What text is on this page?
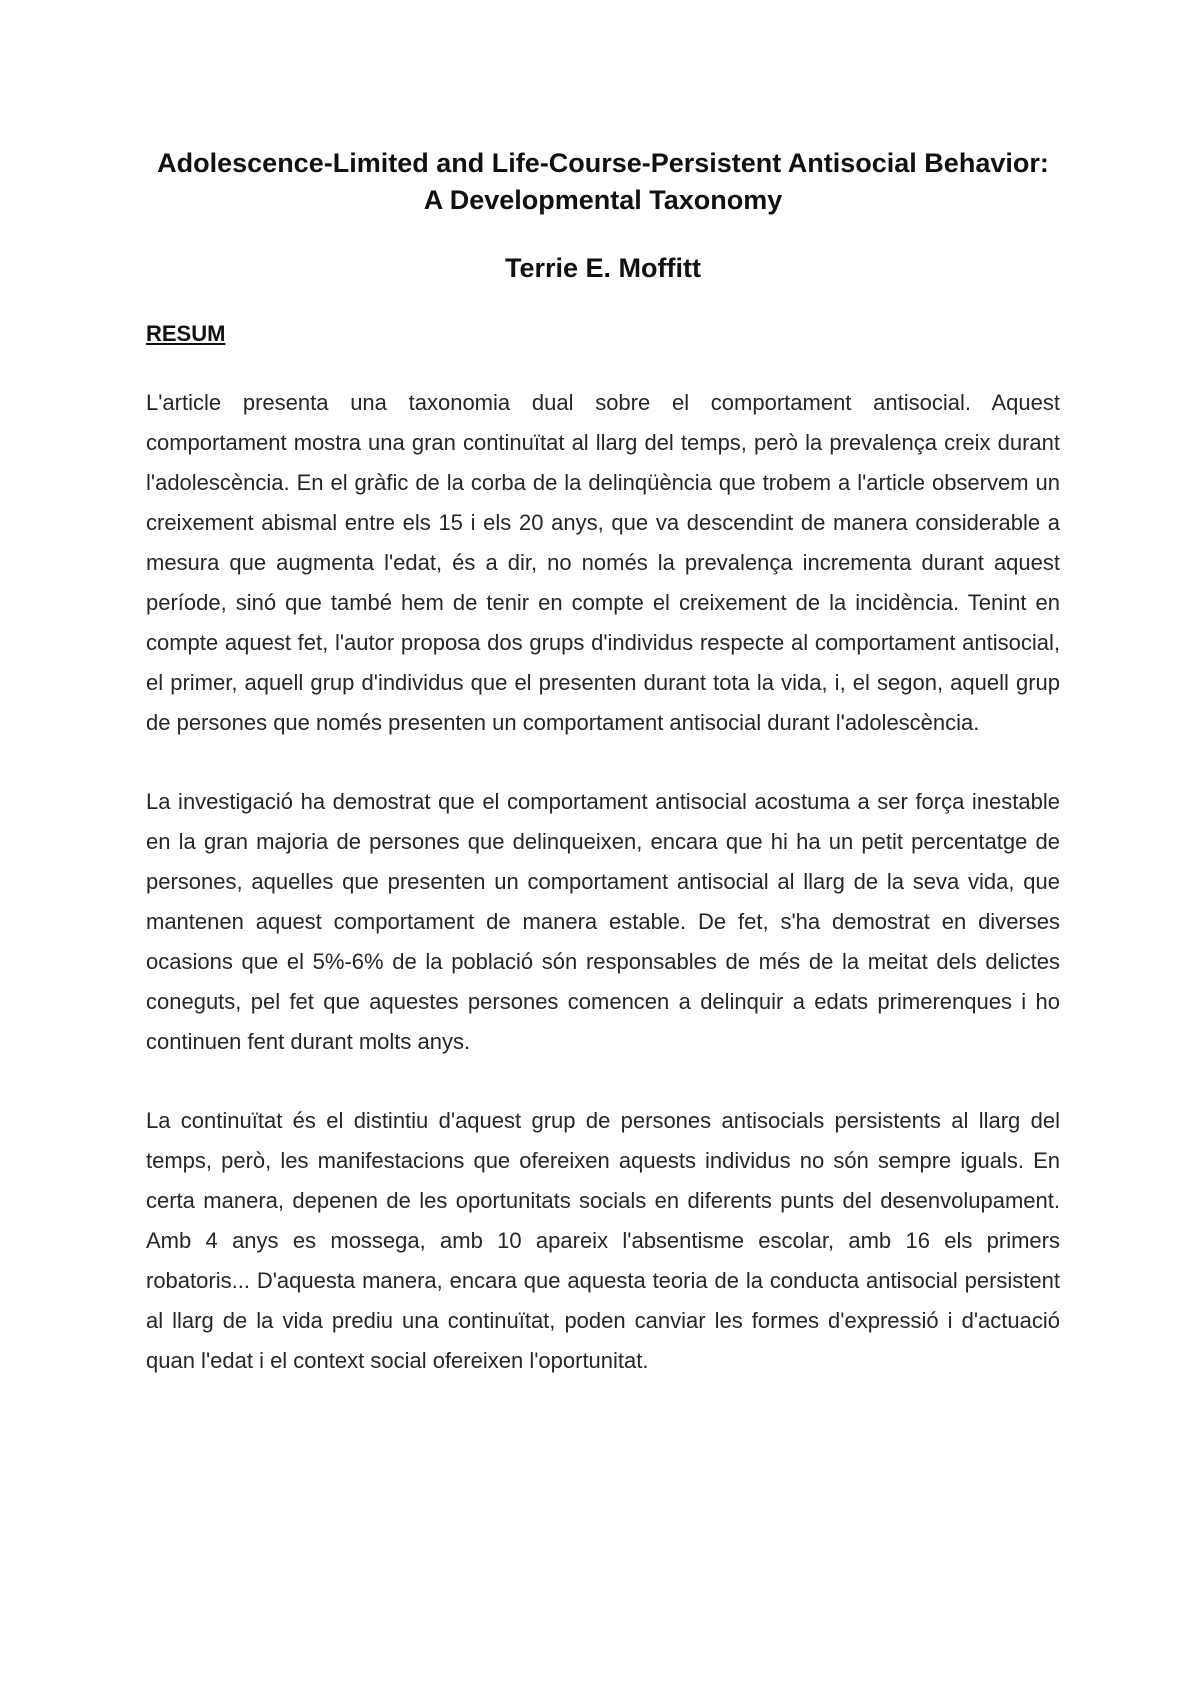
Adolescence-Limited and Life-Course-Persistent Antisocial Behavior: A Developmental Taxonomy
Terrie E. Moffitt
RESUM

L'article presenta una taxonomia dual sobre el comportament antisocial. Aquest comportament mostra una gran continuïtat al llarg del temps, però la prevalença creix durant l'adolescència. En el gràfic de la corba de la delinqüència que trobem a l'article observem un creixement abismal entre els 15 i els 20 anys, que va descendint de manera considerable a mesura que augmenta l'edat, és a dir, no només la prevalença incrementa durant aquest període, sinó que també hem de tenir en compte el creixement de la incidència. Tenint en compte aquest fet, l'autor proposa dos grups d'individus respecte al comportament antisocial, el primer, aquell grup d'individus que el presenten durant tota la vida, i, el segon, aquell grup de persones que només presenten un comportament antisocial durant l'adolescència.

La investigació ha demostrat que el comportament antisocial acostuma a ser força inestable en la gran majoria de persones que delinqueixen, encara que hi ha un petit percentatge de persones, aquelles que presenten un comportament antisocial al llarg de la seva vida, que mantenen aquest comportament de manera estable. De fet, s'ha demostrat en diverses ocasions que el 5%-6% de la població són responsables de més de la meitat dels delictes coneguts, pel fet que aquestes persones comencen a delinquir a edats primerenques i ho continuen fent durant molts anys.

La continuïtat és el distintiu d'aquest grup de persones antisocials persistents al llarg del temps, però, les manifestacions que ofereixen aquests individus no són sempre iguals. En certa manera, depenen de les oportunitats socials en diferents punts del desenvolupament. Amb 4 anys es mossega, amb 10 apareix l'absentisme escolar, amb 16 els primers robatoris... D'aquesta manera, encara que aquesta teoria de la conducta antisocial persistent al llarg de la vida prediu una continuïtat, poden canviar les formes d'expressió i d'actuació quan l'edat i el context social ofereixen l'oportunitat.
